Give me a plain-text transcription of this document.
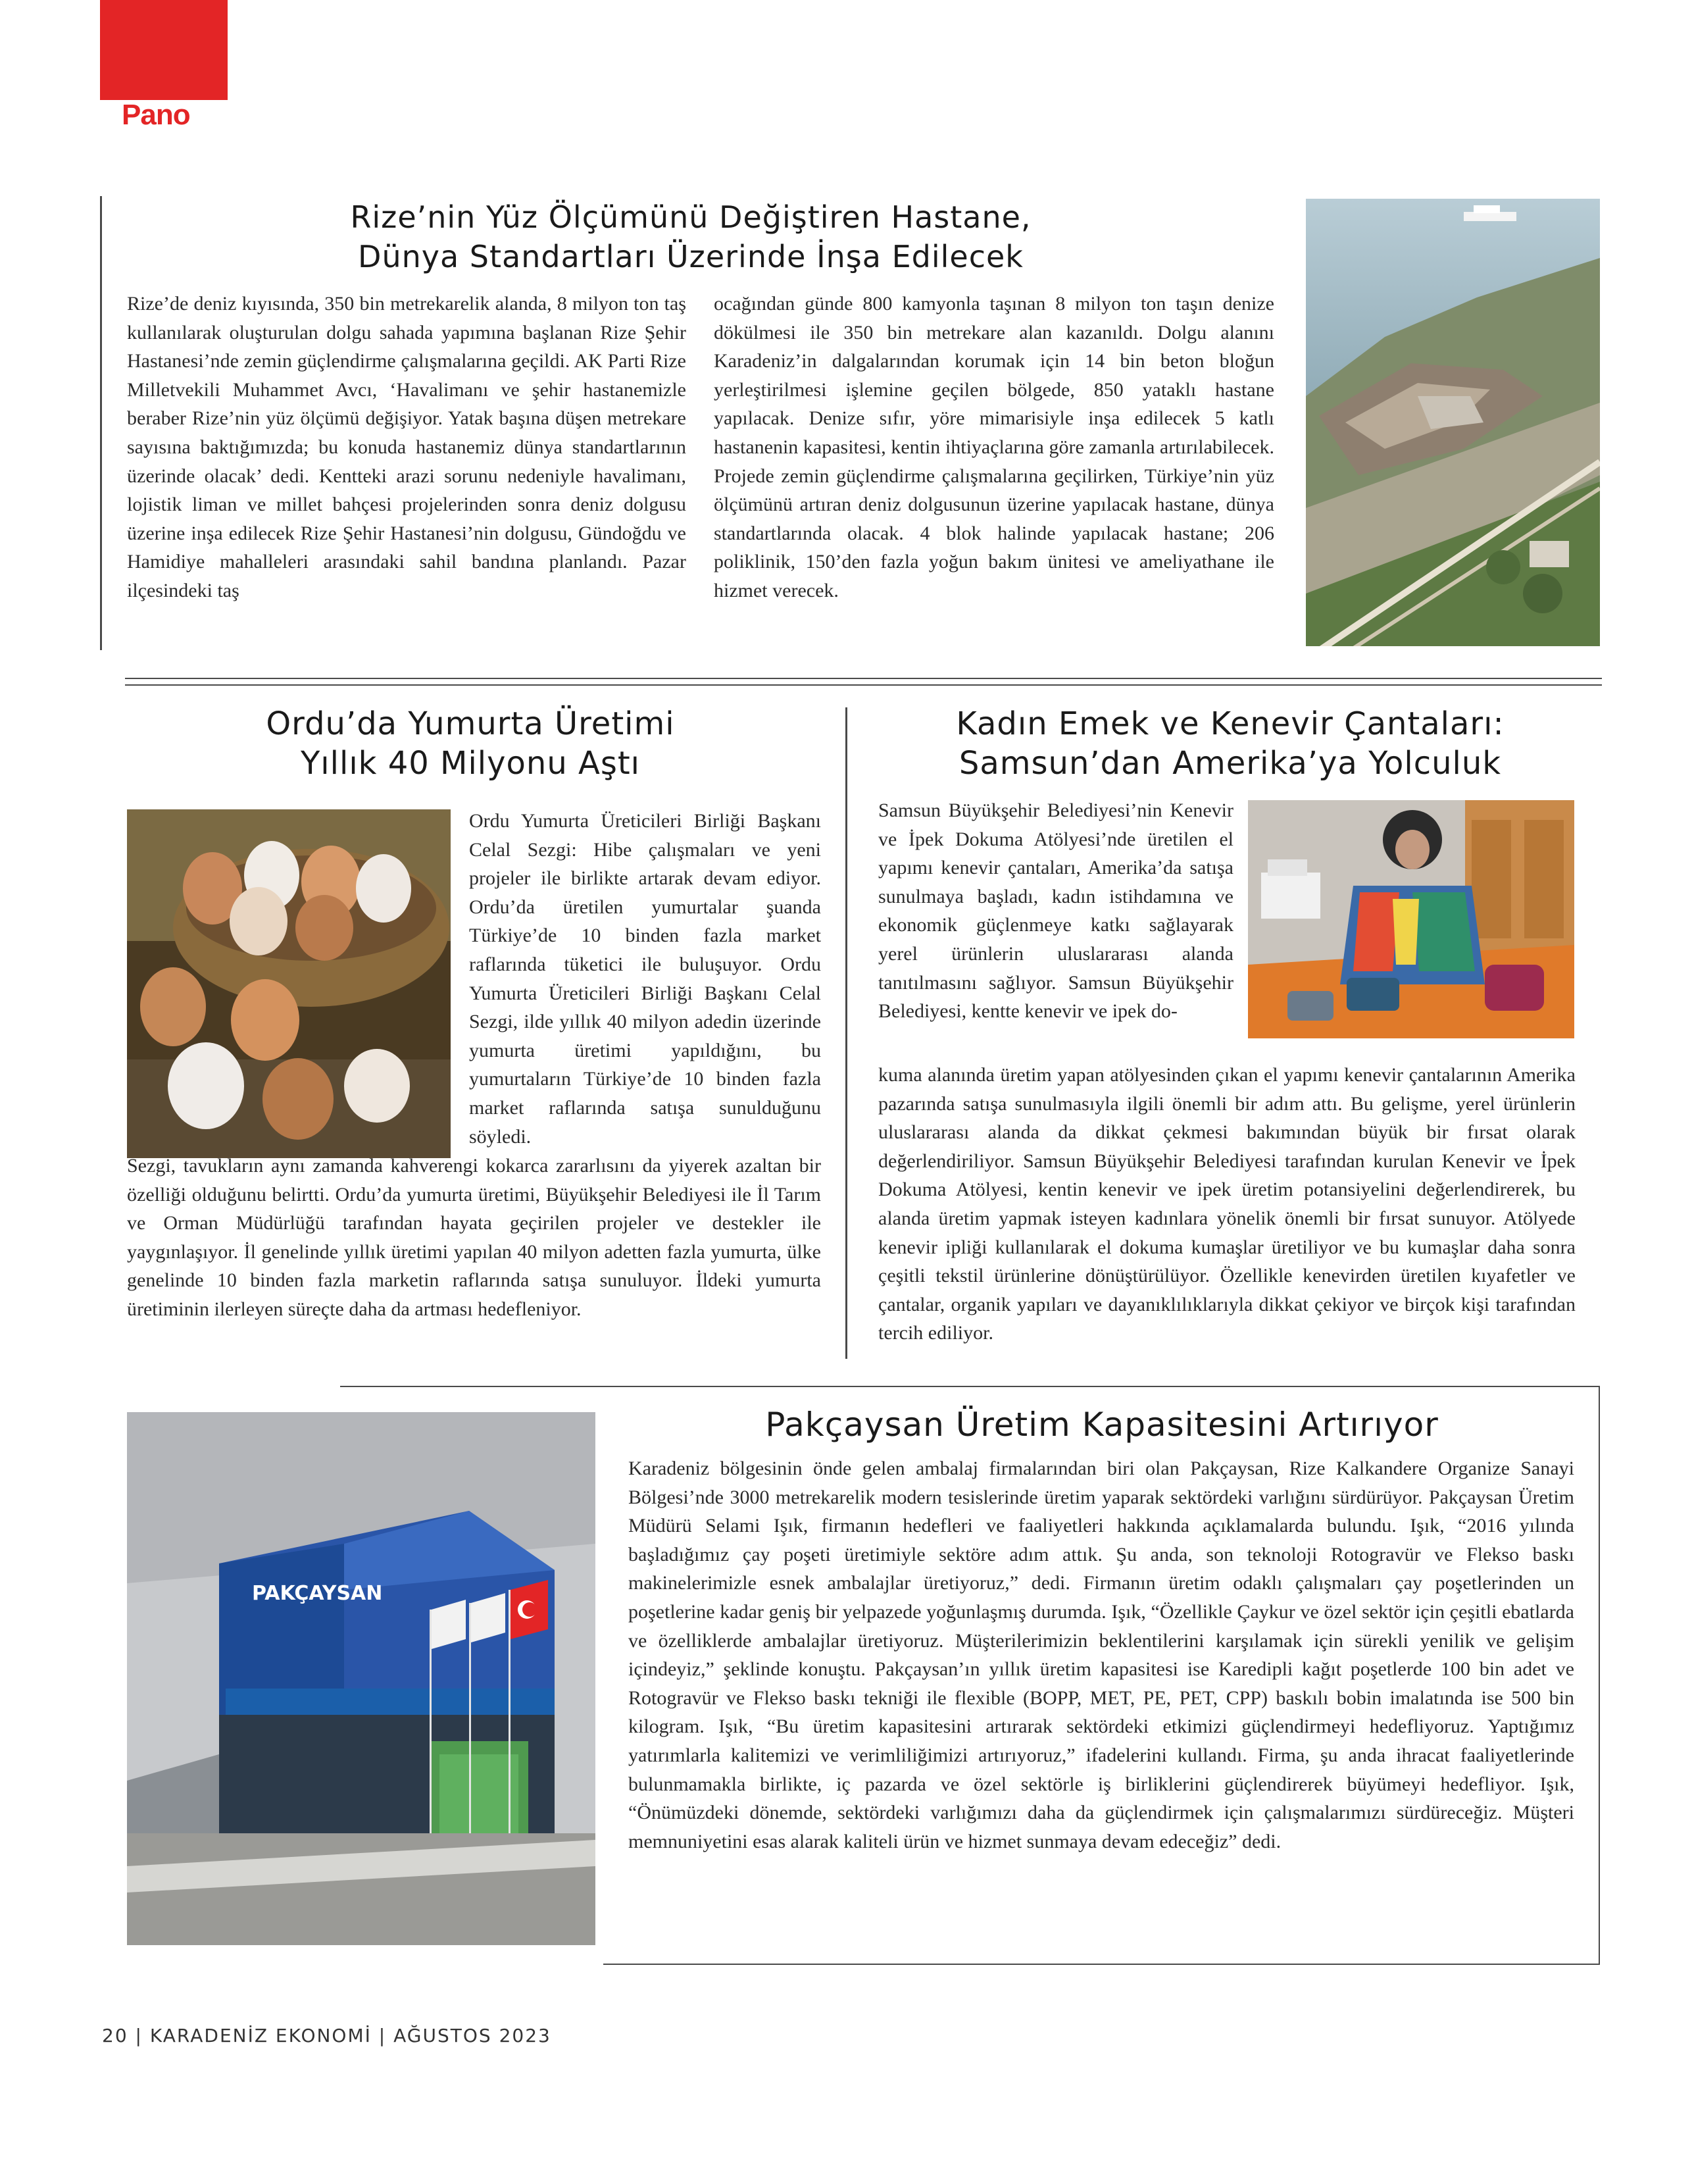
Pano
Rize’nin Yüz Ölçümünü Değiştiren Hastane,
Dünya Standartları Üzerinde İnşa Edilecek
Rize’de deniz kıyısında, 350 bin metrekarelik alanda, 8 milyon ton taş kullanılarak oluşturulan dolgu sahada yapımına başlanan Rize Şehir Hastanesi’nde zemin güçlendirme çalışmalarına geçildi. AK Parti Rize Milletvekili Muhammet Avcı, ‘Havalimanı ve şehir hastanemizle beraber Rize’nin yüz ölçümü değişiyor. Yatak başına düşen metrekare sayısına baktığımızda; bu konuda hastanemiz dünya standartlarının üzerinde olacak’ dedi. Kentteki arazi sorunu nedeniyle havalimanı, lojistik liman ve millet bahçesi projelerinden sonra deniz dolgusu üzerine inşa edilecek Rize Şehir Hastanesi’nin dolgusu, Gündoğdu ve Hamidiye mahalleleri arasındaki sahil bandına planlandı. Pazar ilçesindeki taş
ocağından günde 800 kamyonla taşınan 8 milyon ton taşın denize dökülmesi ile 350 bin metrekare alan kazanıldı. Dolgu alanını Karadeniz’in dalgalarından korumak için 14 bin beton bloğun yerleştirilmesi işlemine geçilen bölgede, 850 yataklı hastane yapılacak. Denize sıfır, yöre mimarisiyle inşa edilecek 5 katlı hastanenin kapasitesi, kentin ihtiyaçlarına göre zamanla artırılabilecek. Projede zemin güçlendirme çalışmalarına geçilirken, Türkiye’nin yüz ölçümünü artıran deniz dolgusunun üzerine yapılacak hastane, dünya standartlarında olacak. 4 blok halinde yapılacak hastane; 206 poliklinik, 150’den fazla yoğun bakım ünitesi ve ameliyathane ile hizmet verecek.
Ordu’da Yumurta Üretimi
Yıllık 40 Milyonu Aştı
Ordu Yumurta Üreticileri Birliği Başkanı Celal Sezgi: Hibe çalışmaları ve yeni projeler ile birlikte artarak devam ediyor. Ordu’da üretilen yumurtalar şuanda Türkiye’de 10 binden fazla market raflarında tüketici ile buluşuyor. Ordu Yumurta Üreticileri Birliği Başkanı Celal Sezgi, ilde yıllık 40 milyon adedin üzerinde yumurta üretimi yapıldığını, bu yumurtaların Türkiye’de 10 binden fazla market raflarında satışa sunulduğunu söyledi.
Sezgi, tavukların aynı zamanda kahverengi kokarca zararlısını da yiyerek azaltan bir özelliği olduğunu belirtti. Ordu’da yumurta üretimi, Büyükşehir Belediyesi ile İl Tarım ve Orman Müdürlüğü tarafından hayata geçirilen projeler ve destekler ile yaygınlaşıyor. İl genelinde yıllık üretimi yapılan 40 milyon adetten fazla yumurta, ülke genelinde 10 binden fazla marketin raflarında satışa sunuluyor. İldeki yumurta üretiminin ilerleyen süreçte daha da artması hedefleniyor.
Kadın Emek ve Kenevir Çantaları:
Samsun’dan Amerika’ya Yolculuk
Samsun Büyükşehir Belediyesi’nin Kenevir ve İpek Dokuma Atölyesi’nde üretilen el yapımı kenevir çantaları, Amerika’da satışa sunulmaya başladı, kadın istihdamına ve ekonomik güçlenmeye katkı sağlayarak yerel ürünlerin uluslararası alanda tanıtılmasını sağlıyor. Samsun Büyükşehir Belediyesi, kentte kenevir ve ipek do-
kuma alanında üretim yapan atölyesinden çıkan el yapımı kenevir çantalarının Amerika pazarında satışa sunulmasıyla ilgili önemli bir adım attı. Bu gelişme, yerel ürünlerin uluslararası alanda da dikkat çekmesi bakımından büyük bir fırsat olarak değerlendiriliyor. Samsun Büyükşehir Belediyesi tarafından kurulan Kenevir ve İpek Dokuma Atölyesi, kentin kenevir ve ipek üretim potansiyelini değerlendirerek, bu alanda üretim yapmak isteyen kadınlara yönelik önemli bir fırsat sunuyor. Atölyede kenevir ipliği kullanılarak el dokuma kumaşlar üretiliyor ve bu kumaşlar daha sonra çeşitli tekstil ürünlerine dönüştürülüyor. Özellikle kenevirden üretilen kıyafetler ve çantalar, organik yapıları ve dayanıklılıklarıyla dikkat çekiyor ve birçok kişi tarafından tercih ediliyor.
PAKÇAYSAN
Pakçaysan Üretim Kapasitesini Artırıyor
Karadeniz bölgesinin önde gelen ambalaj firmalarından biri olan Pakçaysan, Rize Kalkandere Organize Sanayi Bölgesi’nde 3000 metrekarelik modern tesislerinde üretim yaparak sektördeki varlığını sürdürüyor. Pakçaysan Üretim Müdürü Selami Işık, firmanın hedefleri ve faaliyetleri hakkında açıklamalarda bulundu. Işık, “2016 yılında başladığımız çay poşeti üretimiyle sektöre adım attık. Şu anda, son teknoloji Rotogravür ve Flekso baskı makinelerimizle esnek ambalajlar üretiyoruz,” dedi. Firmanın üretim odaklı çalışmaları çay poşetlerinden un poşetlerine kadar geniş bir yelpazede yoğunlaşmış durumda. Işık, “Özellikle Çaykur ve özel sektör için çeşitli ebatlarda ve özelliklerde ambalajlar üretiyoruz. Müşterilerimizin beklentilerini karşılamak için sürekli yenilik ve gelişim içindeyiz,” şeklinde konuştu. Pakçaysan’ın yıllık üretim kapasitesi ise Karedipli kağıt poşetlerde 100 bin adet ve Rotogravür ve Flekso baskı tekniği ile flexible (BOPP, MET, PE, PET, CPP) baskılı bobin imalatında ise 500 bin kilogram. Işık, “Bu üretim kapasitesini artırarak sektördeki etkimizi güçlendirmeyi hedefliyoruz. Yaptığımız yatırımlarla kalitemizi ve verimliliğimizi artırıyoruz,” ifadelerini kullandı. Firma, şu anda ihracat faaliyetlerinde bulunmamakla birlikte, iç pazarda ve özel sektörle iş birliklerini güçlendirerek büyümeyi hedefliyor. Işık, “Önümüzdeki dönemde, sektördeki varlığımızı daha da güçlendirmek için çalışmalarımızı sürdüreceğiz. Müşteri memnuniyetini esas alarak kaliteli ürün ve hizmet sunmaya devam edeceğiz” dedi.
20 | KARADENİZ EKONOMİ | AĞUSTOS 2023
